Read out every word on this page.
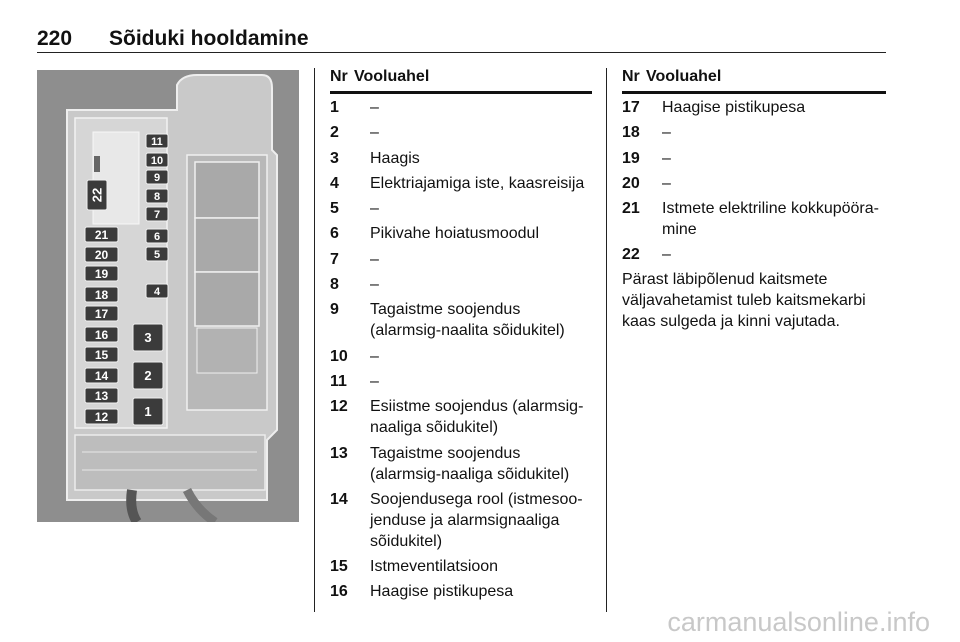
220 Sõiduki hooldamine
22
21
20
19
18
17
16
15
14
13
12
11
10
9
8
7
6
5
4
3
2
1
Nr Vooluahel
1 –
2 –
3 Haagis
4 Elektriajamiga iste, kaasreisija
5 –
6 Pikivahe hoiatusmoodul
7 –
8 –
9 Tagaistme soojendus (alarmsig-naalita sõidukitel)
10 –
11 –
12 Esiistme soojendus (alarmsig-naaliga sõidukitel)
13 Tagaistme soojendus (alarmsig-naaliga sõidukitel)
14 Soojendusega rool (istmesoo-jenduse ja alarmsignaaliga sõidukitel)
15 Istmeventilatsioon
16 Haagise pistikupesa
Nr Vooluahel
17 Haagise pistikupesa
18 –
19 –
20 –
21 Istmete elektriline kokkupööra-mine
22 –
Pärast läbipõlenud kaitsmete väljavahetamist tuleb kaitsmekarbi kaas sulgeda ja kinni vajutada.
carmanualsonline.info
